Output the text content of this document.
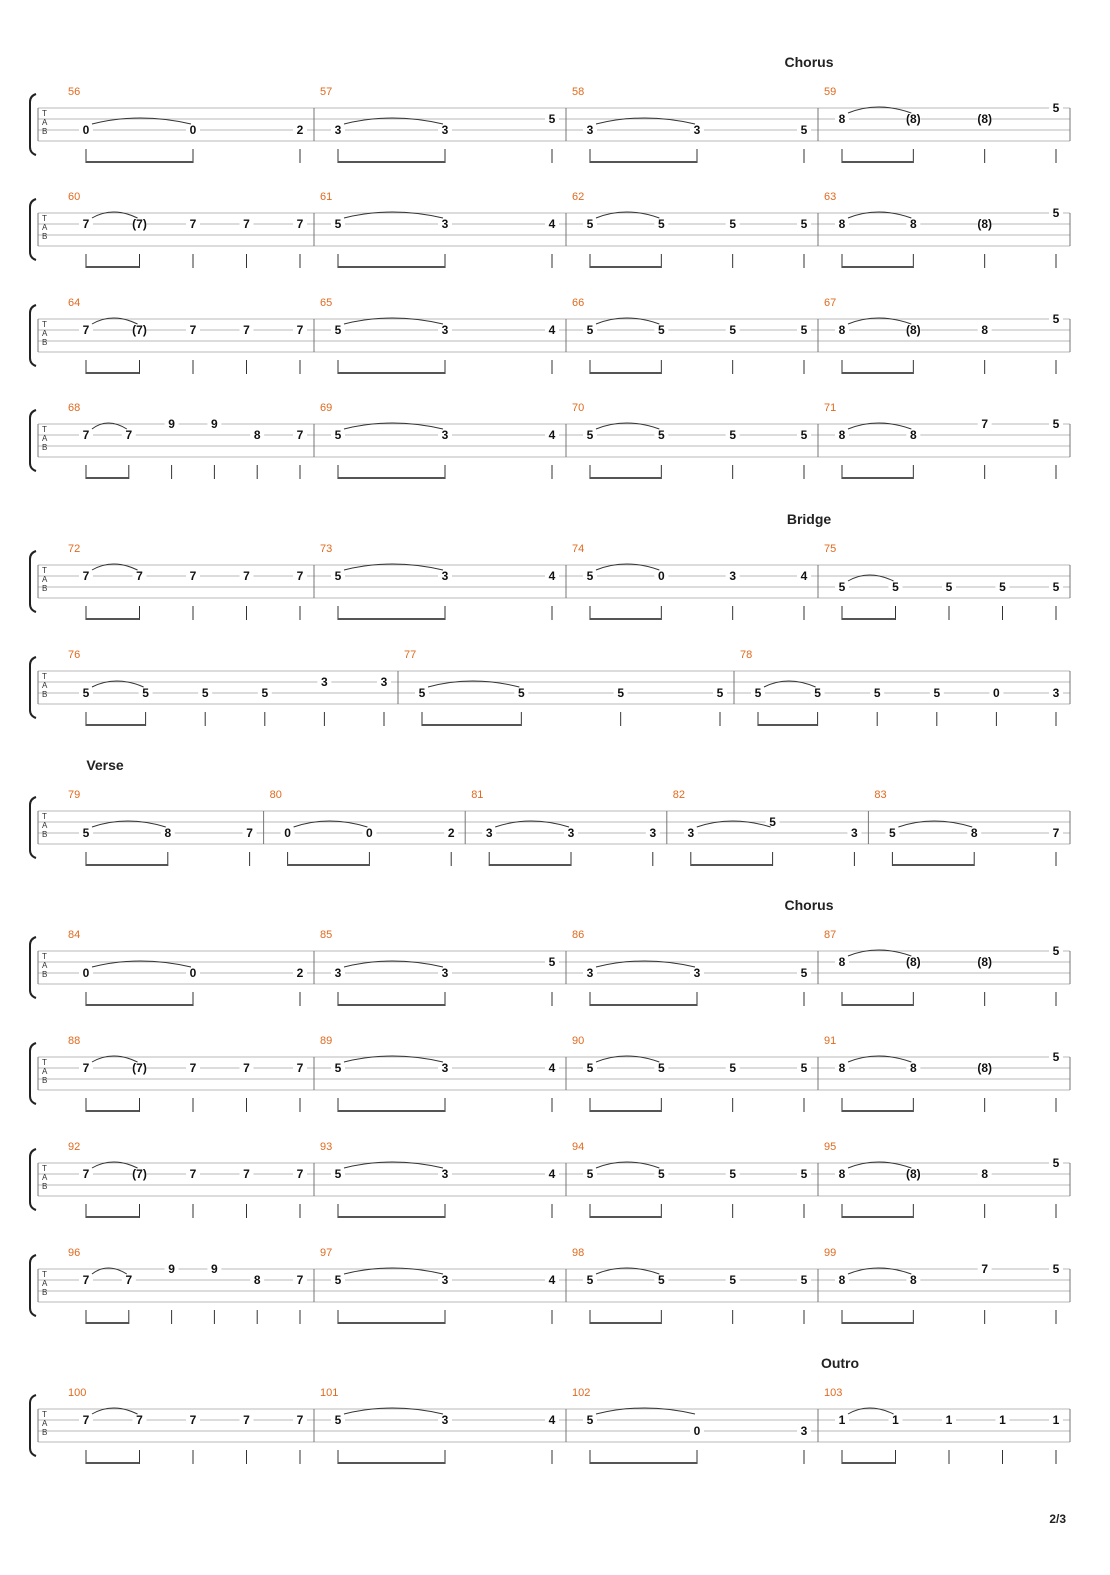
T
A
B
Chorus
56
0	0	2
57
3	3
5
58
3	3	5
59
8	(8)	(8)
5
T
A
B
60
7	(7)	7	7	7
61
5	3	4
62
5	5	5	5
63
8	8	(8)
5
T
A
B
64
7	(7)	7	7	7
65
5	3	4
66
5	5	5	5
67
8	(8)	8
5
T
A
B
68
7	7
9	9
8	7
69
5	3	4
70
5	5	5	5
71
8	8
7	5
T
A
B
Bridge
72
7	7	7	7	7
73
5	3	4
74
5	0	3	4
75
5	5	5	5	5
T
A
B
76
5	5	5	5
3	3
77
5	5	5	5
78
5	5	5	5	0	3
T
A
B
Verse
79
5	8	7
80
0	0	2
81
3	3	3
82
3
5
3
83
5	8	7
T
A
B
Chorus
84
0	0	2
85
3	3
5
86
3	3	5
87
8	(8)	(8)
5
T
A
B
88
7	(7)	7	7	7
89
5	3	4
90
5	5	5	5
91
8	8	(8)
5
T
A
B
92
7	(7)	7	7	7
93
5	3	4
94
5	5	5	5
95
8	(8)	8
5
T
A
B
96
7	7
9	9
8	7
97
5	3	4
98
5	5	5	5
99
8	8
7	5
T
A
B
Outro
100
7	7	7	7	7
101
5	3	4
102
5
0	3
103
1	1	1	1	1
2/3
